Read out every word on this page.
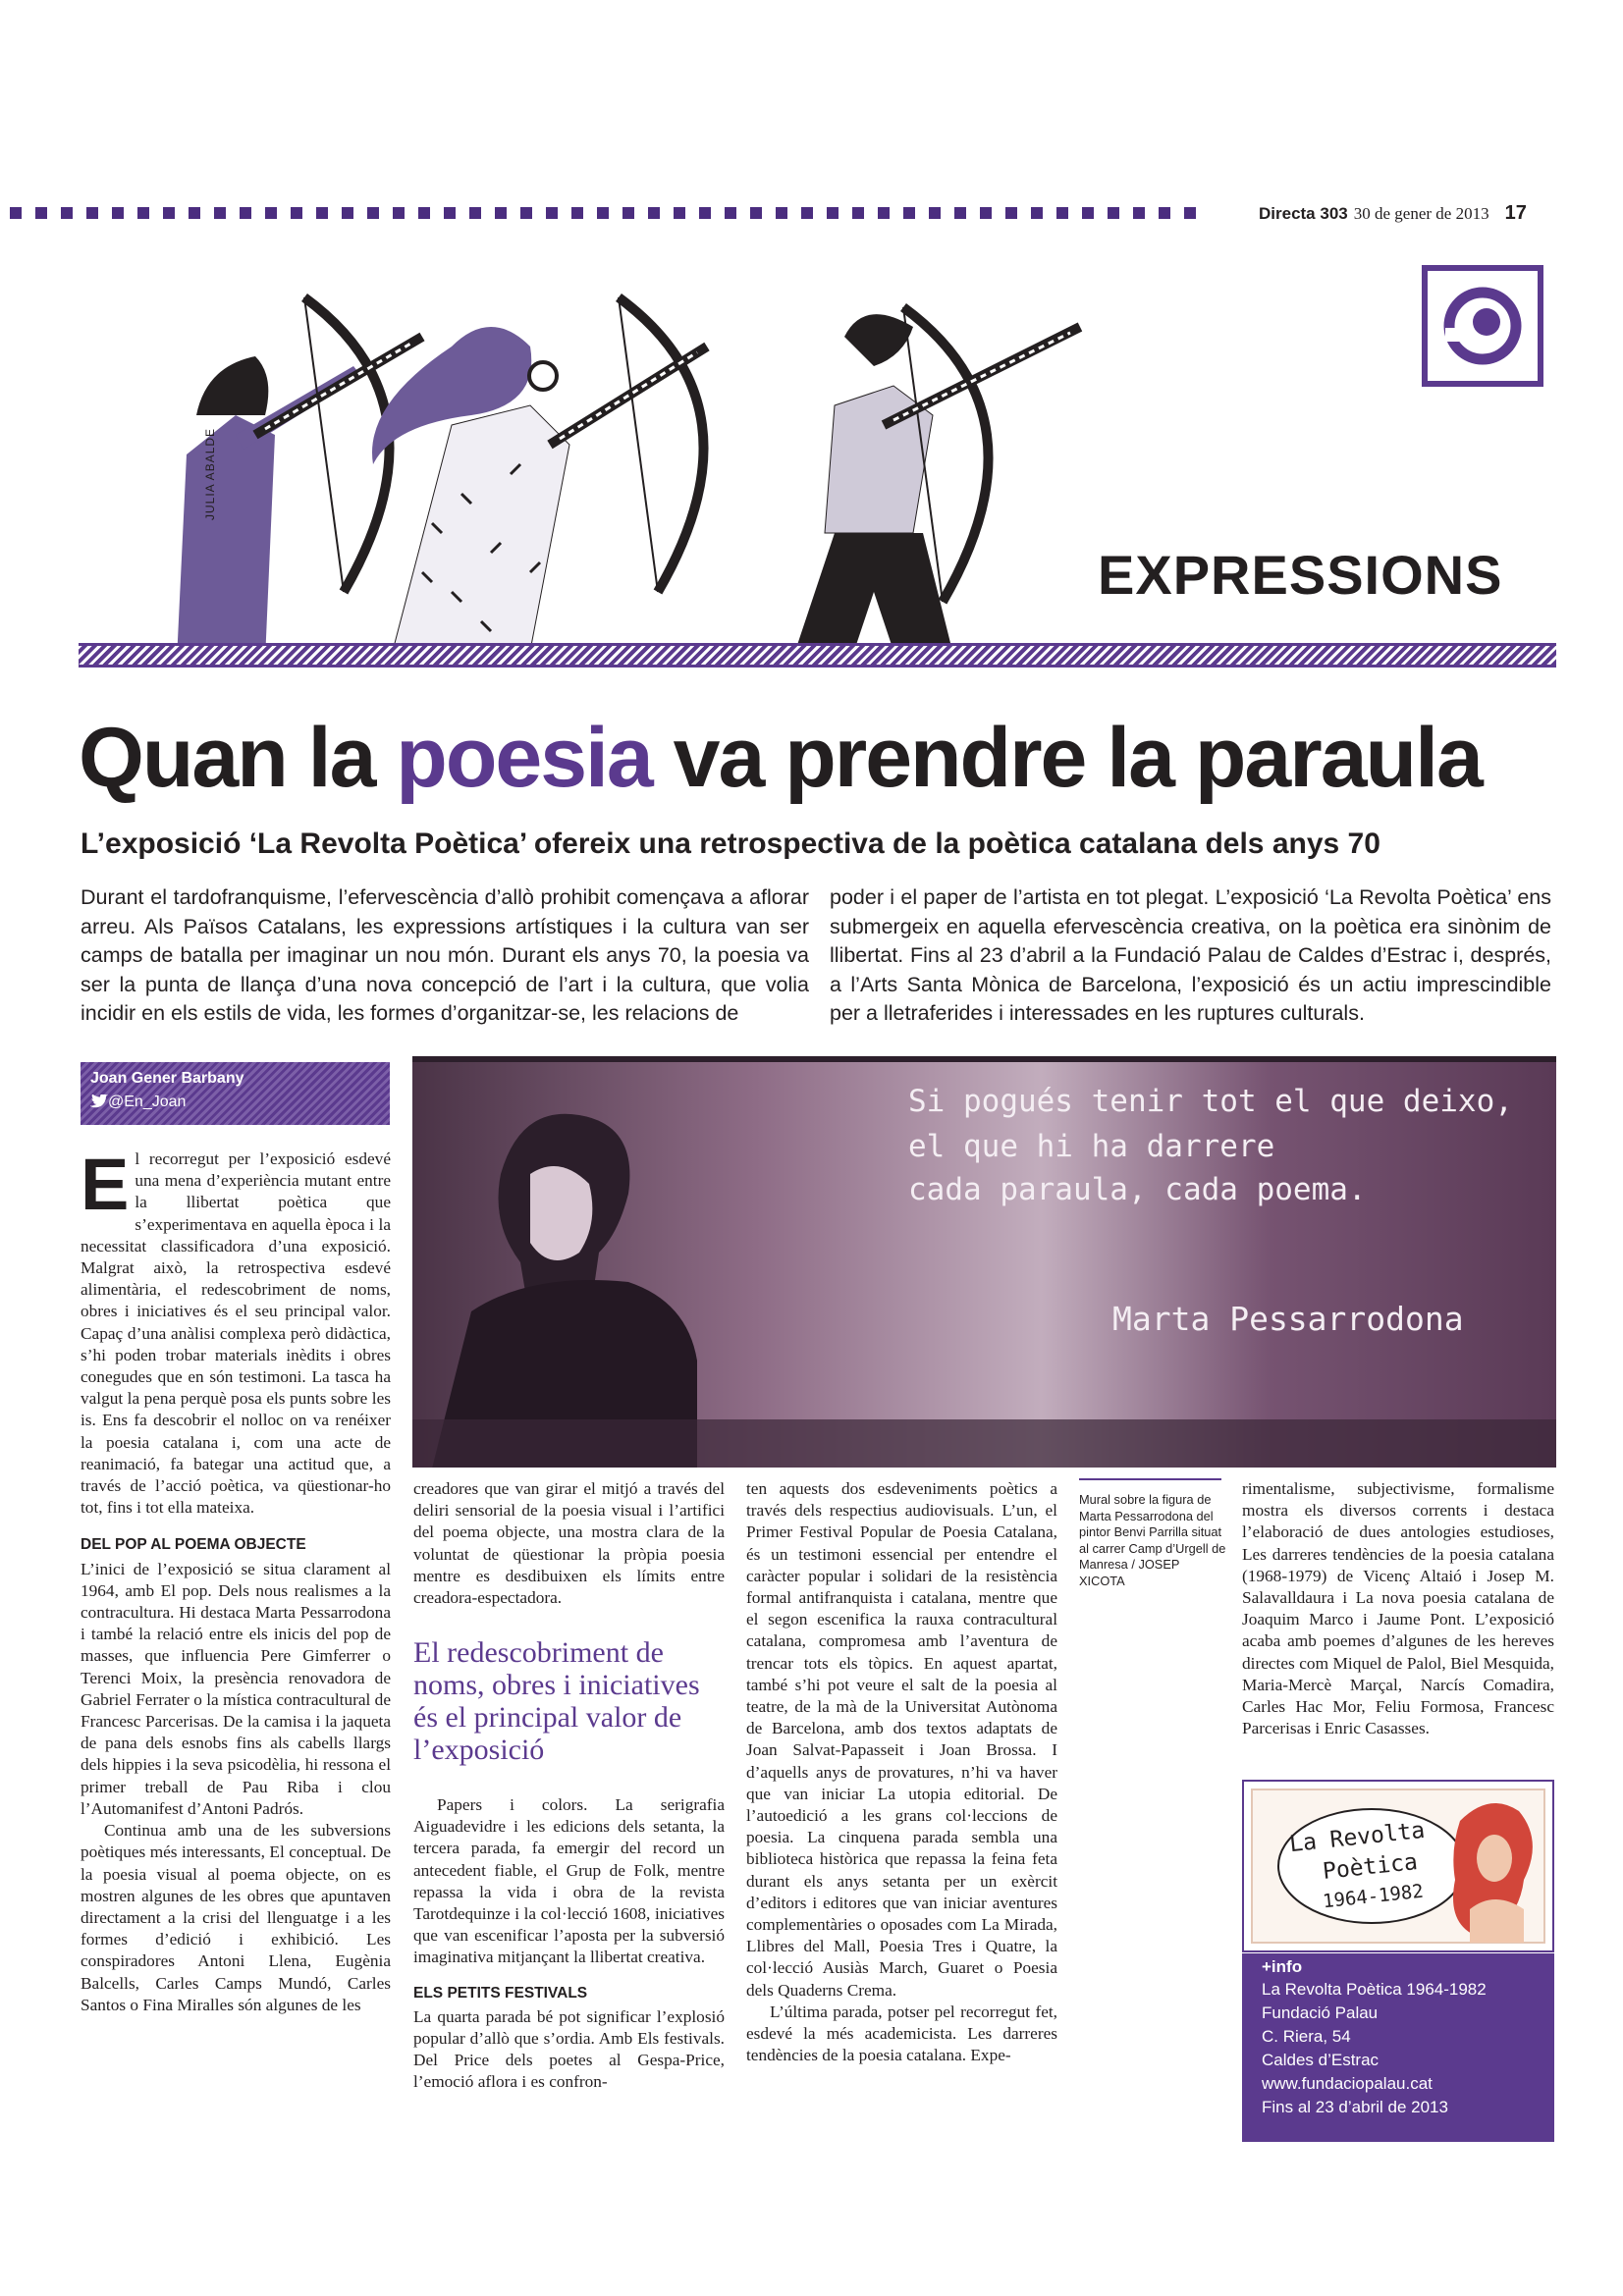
Directa 303 30 de gener de 2013 17
JULIA ABALDE
EXPRESSIONS
Quan la poesia va prendre la paraula
L’exposició ‘La Revolta Poètica’ ofereix una retrospectiva de la poètica catalana dels anys 70
Durant el tardofranquisme, l’efervescència d’allò prohibit començava a aflorar arreu. Als Països Catalans, les expressions artístiques i la cultura van ser camps de batalla per imaginar un nou món. Durant els anys 70, la poesia va ser la punta de llança d’una nova concepció de l’art i la cultura, que volia incidir en els estils de vida, les formes d’organitzar-se, les relacions de
poder i el paper de l’artista en tot plegat. L’exposició ‘La Revolta Poètica’ ens submergeix en aquella efervescència creativa, on la poètica era sinònim de llibertat. Fins al 23 d’abril a la Fundació Palau de Caldes d’Estrac i, després, a l’Arts Santa Mònica de Barcelona, l’exposició és un actiu imprescindible per a lletraferides i interessades en les ruptures culturals.
Joan Gener Barbany
@En_Joan

El recorregut per l’exposició esdevé una mena d’experiència mutant entre la llibertat poètica que s’experimentava en aquella època i la necessitat classificadora d’una exposició. Malgrat això, la retrospectiva esdevé alimentària, el redescobriment de noms, obres i iniciatives és el seu principal valor. Capaç d’una anàlisi complexa però didàctica, s’hi poden trobar materials inèdits i obres conegudes que en són testimoni. La tasca ha valgut la pena perquè posa els punts sobre les is. Ens fa descobrir el nolloc on va renéixer la poesia catalana i, com una acte de reanimació, fa bategar una actitud que, a través de l’acció poètica, va qüestionar-ho tot, fins i tot ella mateixa.

DEL POP AL POEMA OBJECTE

L’inici de l’exposició se situa clarament al 1964, amb El pop. Dels nous realismes a la contracultura. Hi destaca Marta Pessarrodona i també la relació entre els inicis del pop de masses, que influencia Pere Gimferrer o Terenci Moix, la presència renovadora de Gabriel Ferrater o la mística contracultural de Francesc Parcerisas. De la camisa i la jaqueta de pana dels esnobs fins als cabells llargs dels hippies i la seva psicodèlia, hi ressona el primer treball de Pau Riba i clou l’Automanifest d’Antoni Padrós.

Continua amb una de les subversions poètiques més interessants, El conceptual. De la poesia visual al poema objecte, on es mostren algunes de les obres que apuntaven directament a la crisi del llenguatge i a les formes d’edició i exhibició. Les conspiradores Antoni Llena, Eugènia Balcells, Carles Camps Mundó, Carles Santos o Fina Miralles són algunes de les

Si pogués tenir tot el que deixo,
el que hi ha darrere
cada paraula, cada poema.
Marta Pessarrodona

creadores que van girar el mitjó a través del deliri sensorial de la poesia visual i l’artifici del poema objecte, una mostra clara de la voluntat de qüestionar la pròpia poesia mentre es desdibuixen els límits entre creadora-espectadora.

El redescobriment de noms, obres i iniciatives és el principal valor de l’exposició

Papers i colors. La serigrafia Aiguadevidre i les edicions dels setanta, la tercera parada, fa emergir del record un antecedent fiable, el Grup de Folk, mentre repassa la vida i obra de la revista Tarotdequinze i la col·lecció 1608, iniciatives que van escenificar l’aposta per la subversió imaginativa mitjançant la llibertat creativa.

ELS PETITS FESTIVALS

La quarta parada bé pot significar l’explosió popular d’allò que s’ordia. Amb Els festivals. Del Price dels poetes al Gespa-Price, l’emoció aflora i es confron-

ten aquests dos esdeveniments poètics a través dels respectius audiovisuals. L’un, el Primer Festival Popular de Poesia Catalana, és un testimoni essencial per entendre el caràcter popular i solidari de la resistència formal antifranquista i catalana, mentre que el segon escenifica la rauxa contracultural catalana, compromesa amb l’aventura de trencar tots els tòpics. En aquest apartat, també s’hi pot veure el salt de la poesia al teatre, de la mà de la Universitat Autònoma de Barcelona, amb dos textos adaptats de Joan Salvat-Papasseit i Joan Brossa. I d’aquells anys de provatures, n’hi va haver que van iniciar La utopia editorial. De l’autoedició a les grans col·leccions de poesia. La cinquena parada sembla una biblioteca històrica que repassa la feina feta durant els anys setanta per un exèrcit d’editors i editores que van iniciar aventures complementàries o oposades com La Mirada, Llibres del Mall, Poesia Tres i Quatre, la col·lecció Ausiàs March, Guaret o Poesia dels Quaderns Crema.

L’última parada, potser pel recorregut fet, esdevé la més academicista. Les darreres tendències de la poesia catalana. Expe-

Mural sobre la figura de Marta Pessarrodona del pintor Benvi Parrilla situat al carrer Camp d’Urgell de Manresa / JOSEP XICOTA

rimentalisme, subjectivisme, formalisme mostra els diversos corrents i destaca l’elaboració de dues antologies estudioses, Les darreres tendències de la poesia catalana (1968-1979) de Vicenç Altaió i Josep M. Salavalldaura i La nova poesia catalana de Joaquim Marco i Jaume Pont. L’exposició acaba amb poemes d’algunes de les hereves directes com Miquel de Palol, Biel Mesquida, Maria-Mercè Marçal, Narcís Comadira, Carles Hac Mor, Feliu Formosa, Francesc Parcerisas i Enric Casasses.

La Revolta
Poètica
1964-1982
+info
La Revolta Poètica 1964-1982
Fundació Palau
C. Riera, 54
Caldes d’Estrac
www.fundaciopalau.cat
Fins al 23 d’abril de 2013
